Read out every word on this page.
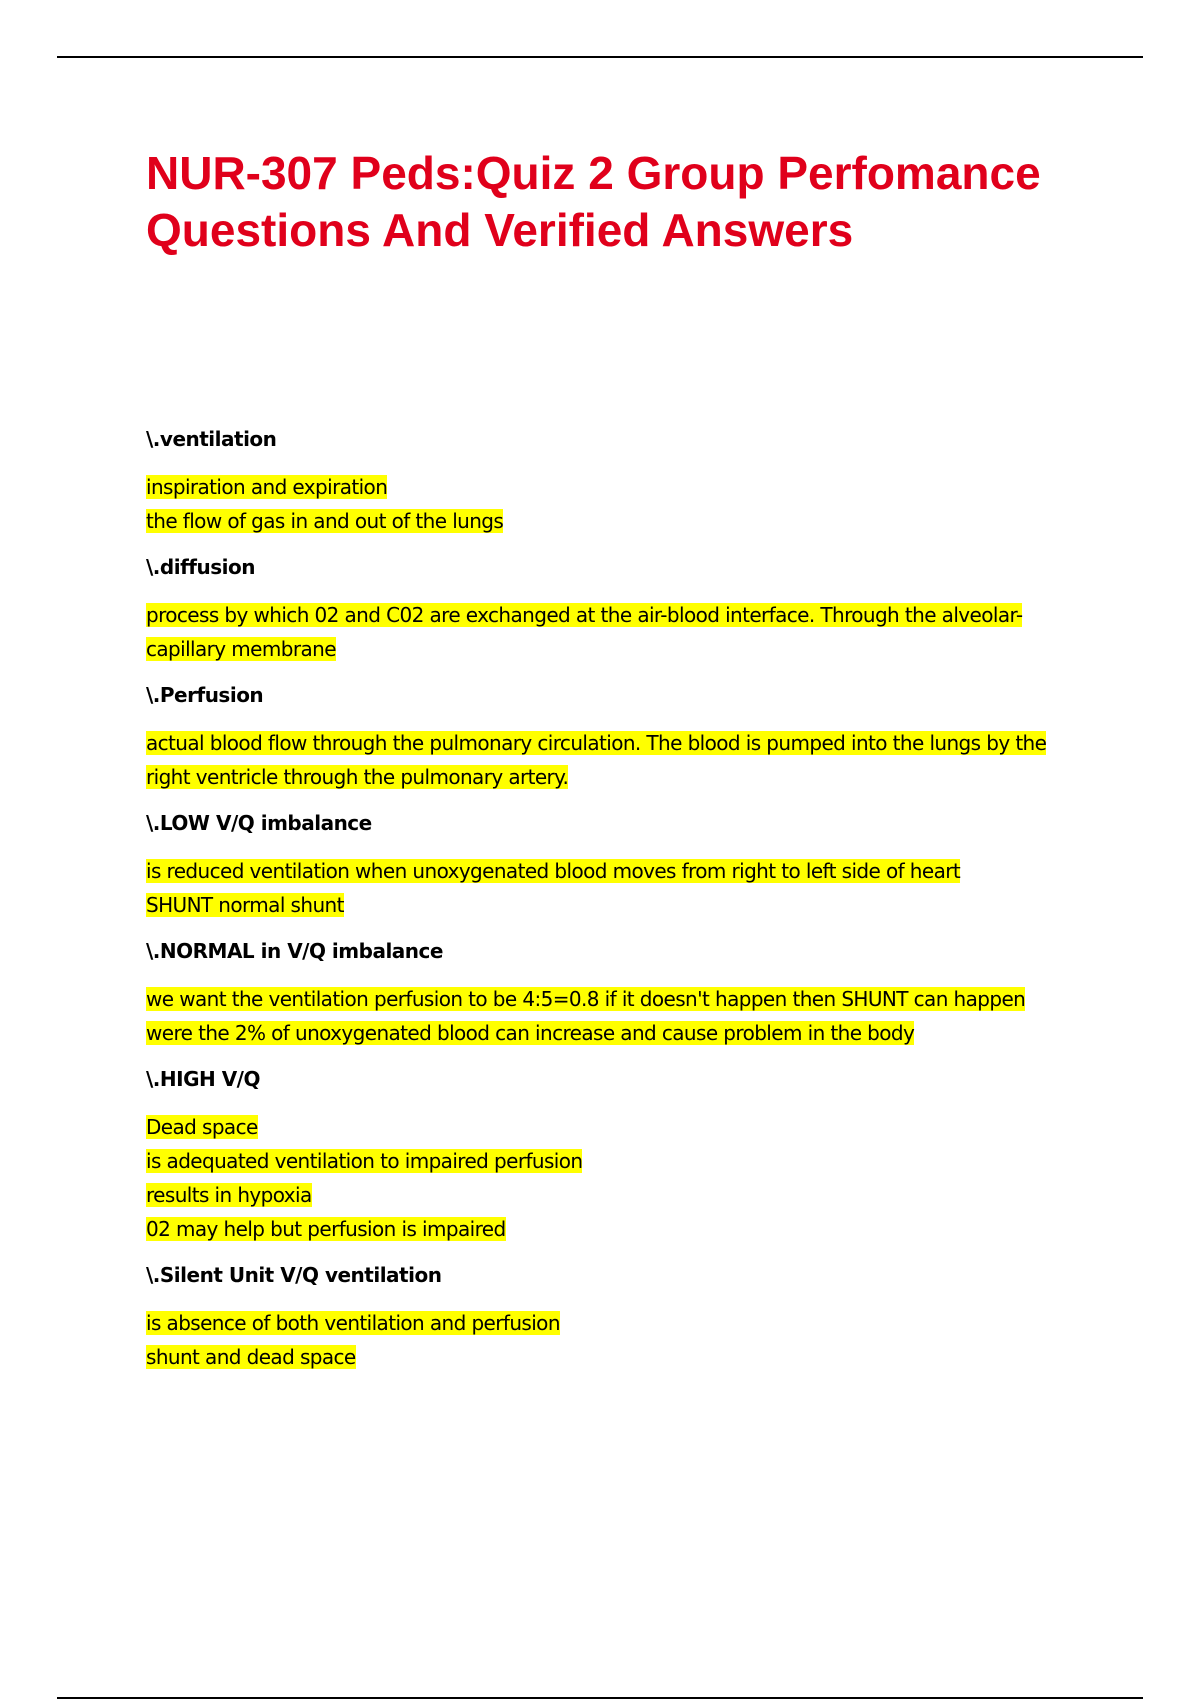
NUR-307 Peds:Quiz 2 Group Perfomance Questions And Verified Answers
\.ventilation
inspiration and expiration
the flow of gas in and out of the lungs
\.diffusion
process by which 02 and C02 are exchanged at the air-blood interface. Through the alveolar-
capillary membrane
\.Perfusion
actual blood flow through the pulmonary circulation. The blood is pumped into the lungs by the
right ventricle through the pulmonary artery.
\.LOW V/Q imbalance
is reduced ventilation when unoxygenated blood moves from right to left side of heart
SHUNT normal shunt
\.NORMAL in V/Q imbalance
we want the ventilation perfusion to be 4:5=0.8 if it doesn't happen then SHUNT can happen
were the 2% of unoxygenated blood can increase and cause problem in the body
\.HIGH V/Q
Dead space
is adequated ventilation to impaired perfusion
results in hypoxia
02 may help but perfusion is impaired
\.Silent Unit V/Q ventilation
is absence of both ventilation and perfusion
shunt and dead space
